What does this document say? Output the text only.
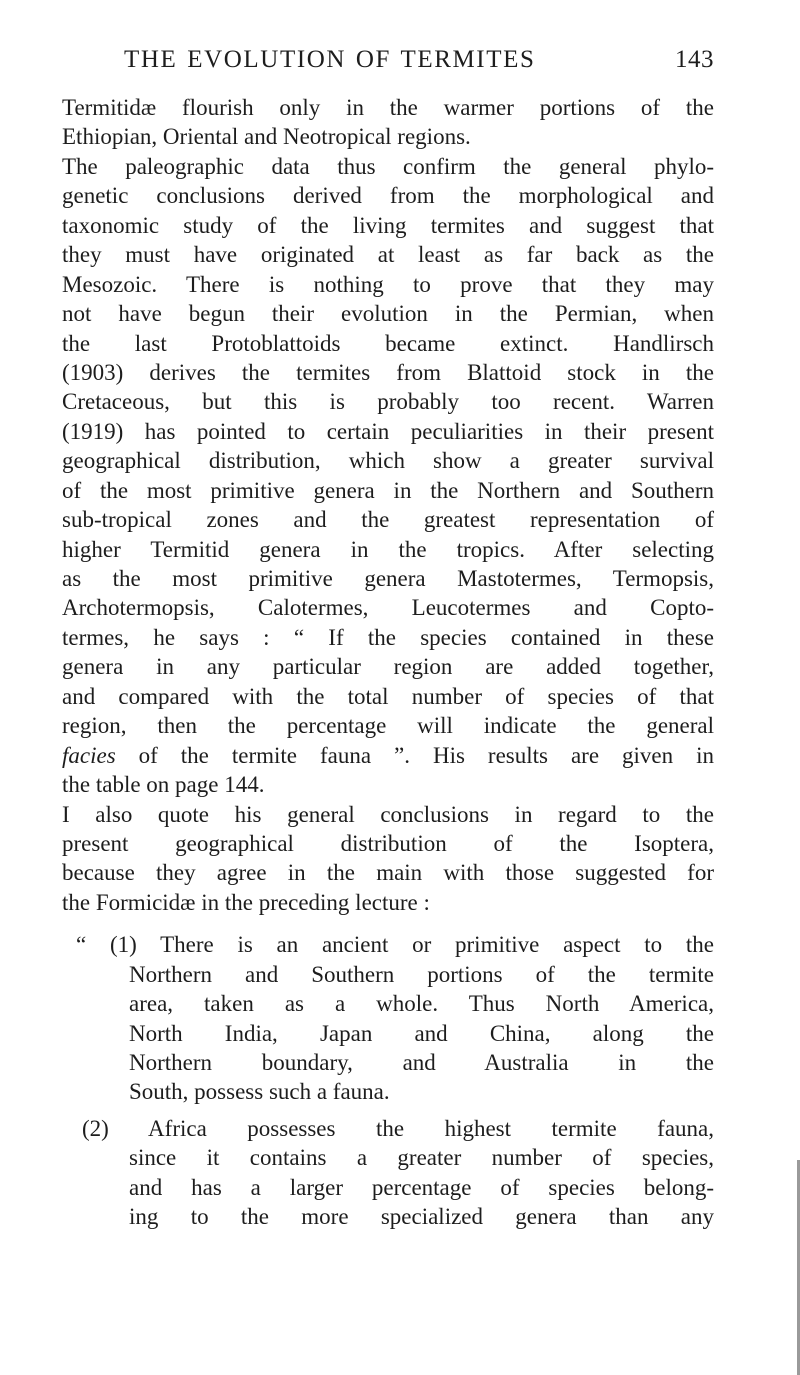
THE EVOLUTION OF TERMITES	143
Termitidæ flourish only in the warmer portions of the
Ethiopian, Oriental and Neotropical regions.
The paleographic data thus confirm the general phylo-
genetic conclusions derived from the morphological and
taxonomic study of the living termites and suggest that
they must have originated at least as far back as the
Mesozoic. There is nothing to prove that they may
not have begun their evolution in the Permian, when
the last Protoblattoids became extinct. Handlirsch
(1903) derives the termites from Blattoid stock in the
Cretaceous, but this is probably too recent. Warren
(1919) has pointed to certain peculiarities in their present
geographical distribution, which show a greater survival
of the most primitive genera in the Northern and Southern
sub-tropical zones and the greatest representation of
higher Termitid genera in the tropics. After selecting
as the most primitive genera Mastotermes, Termopsis,
Archotermopsis, Calotermes, Leucotermes and Copto-
termes, he says : “ If the species contained in these
genera in any particular region are added together,
and compared with the total number of species of that
region, then the percentage will indicate the general
facies of the termite fauna ”. His results are given in
the table on page 144.
I also quote his general conclusions in regard to the
present geographical distribution of the Isoptera,
because they agree in the main with those suggested for
the Formicidæ in the preceding lecture :
“ (1) There is an ancient or primitive aspect to the
Northern and Southern portions of the termite
area, taken as a whole. Thus North America,
North India, Japan and China, along the
Northern boundary, and Australia in the
South, possess such a fauna.
(2) Africa possesses the highest termite fauna,
since it contains a greater number of species,
and has a larger percentage of species belong-
ing to the more specialized genera than any
